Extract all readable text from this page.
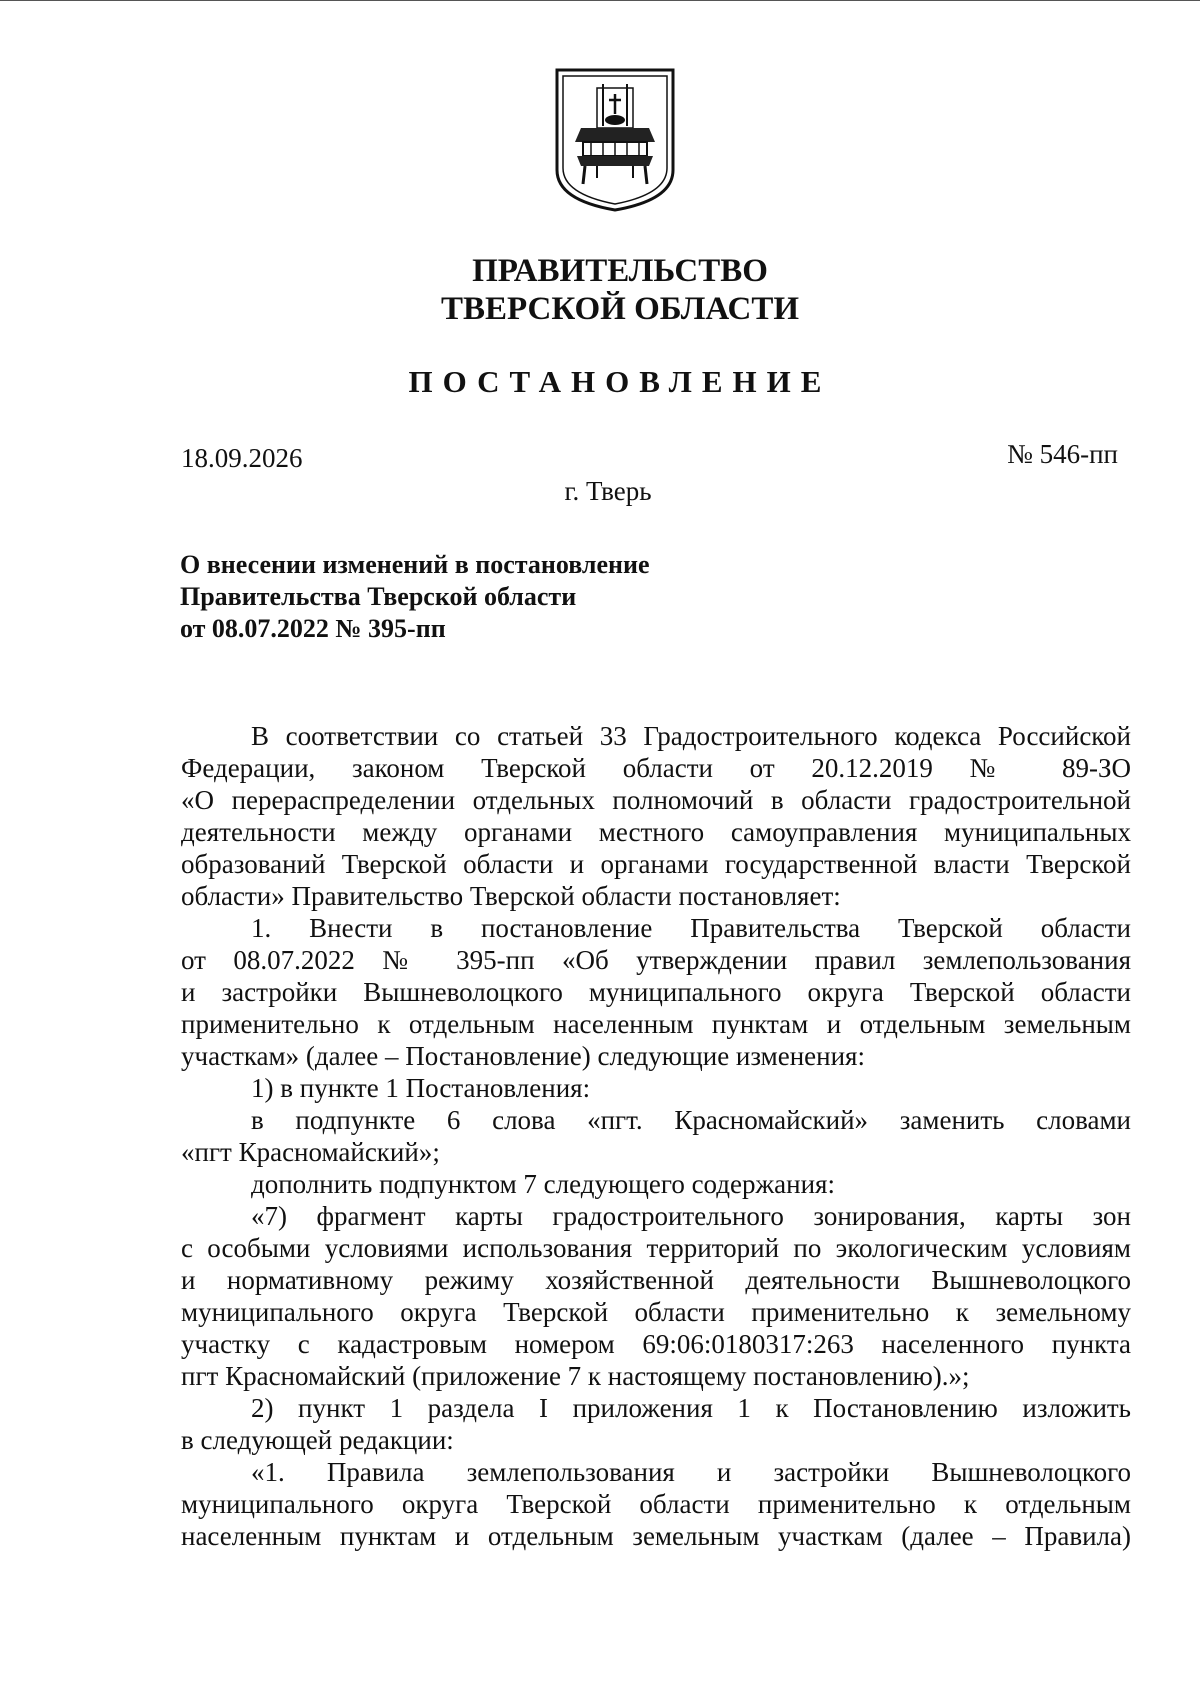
ПРАВИТЕЛЬСТВО
ТВЕРСКОЙ ОБЛАСТИ
ПОСТАНОВЛЕНИЕ
18.09.2026	№ 546-пп
г. Тверь
О внесении изменений в постановление
Правительства Тверской области
от 08.07.2022 № 395-пп
В соответствии со статьей 33 Градостроительного кодекса Российской
Федерации, законом Тверской области от 20.12.2019 № 89-ЗО
«О перераспределении отдельных полномочий в области градостроительной
деятельности между органами местного самоуправления муниципальных
образований Тверской области и органами государственной власти Тверской
области» Правительство Тверской области постановляет:
1. Внести в постановление Правительства Тверской области
от 08.07.2022 № 395-пп «Об утверждении правил землепользования
и застройки Вышневолоцкого муниципального округа Тверской области
применительно к отдельным населенным пунктам и отдельным земельным
участкам» (далее – Постановление) следующие изменения:
1) в пункте 1 Постановления:
в подпункте 6 слова «пгт. Красномайский» заменить словами
«пгт Красномайский»;
дополнить подпунктом 7 следующего содержания:
«7) фрагмент карты градостроительного зонирования, карты зон
с особыми условиями использования территорий по экологическим условиям
и нормативному режиму хозяйственной деятельности Вышневолоцкого
муниципального округа Тверской области применительно к земельному
участку с кадастровым номером 69:06:0180317:263 населенного пункта
пгт Красномайский (приложение 7 к настоящему постановлению).»;
2) пункт 1 раздела I приложения 1 к Постановлению изложить
в следующей редакции:
«1. Правила землепользования и застройки Вышневолоцкого
муниципального округа Тверской области применительно к отдельным
населенным пунктам и отдельным земельным участкам (далее – Правила)
